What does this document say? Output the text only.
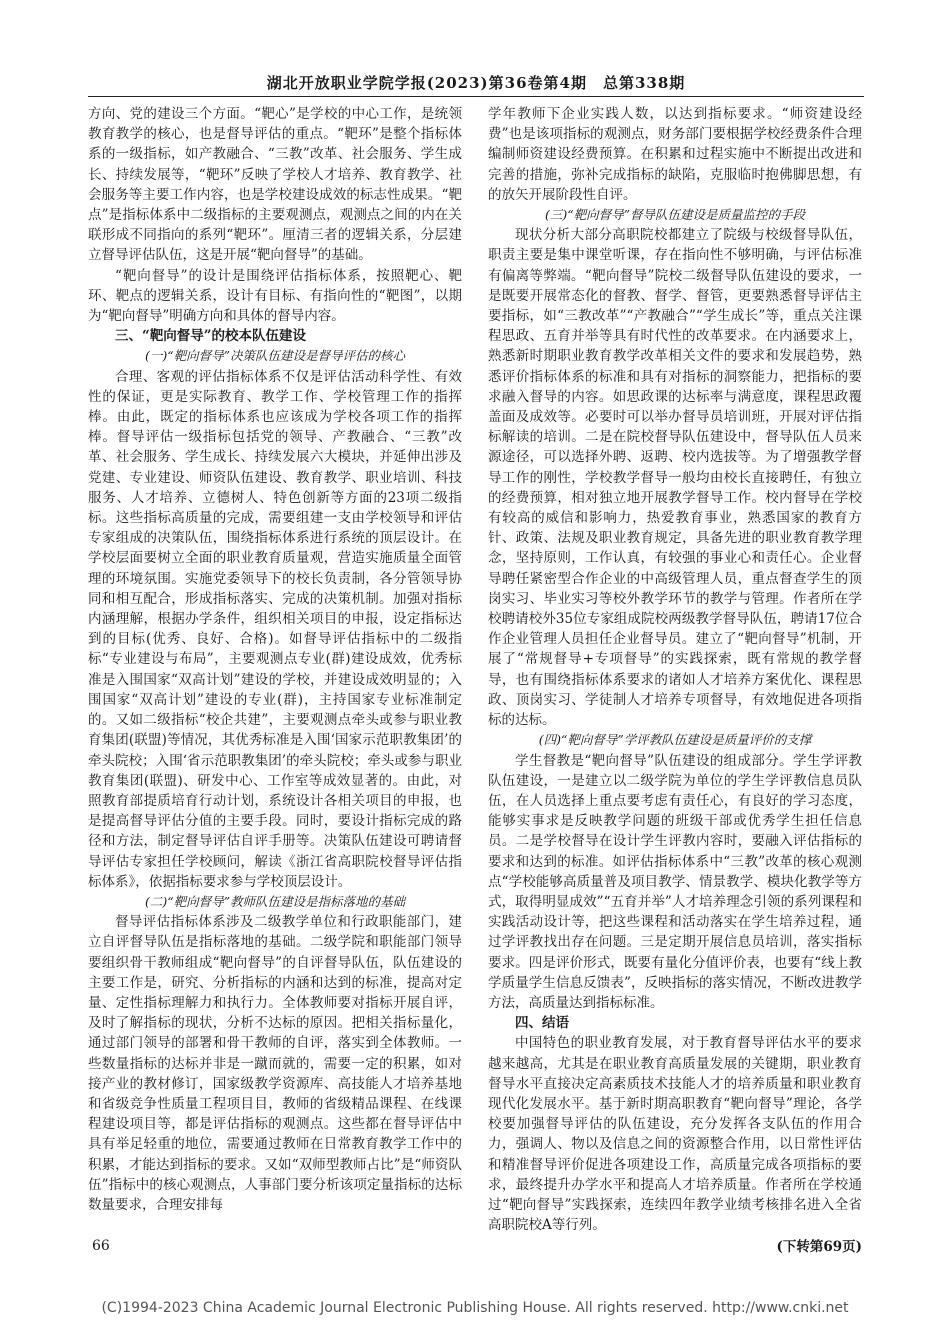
湖北开放职业学院学报(2023)第36卷第4期　总第338期

方向、党的建设三个方面。“靶心”是学校的中心工作，是统领教育教学的核心，也是督导评估的重点。“靶环”是整个指标体系的一级指标，如产教融合、“三教”改革、社会服务、学生成长、持续发展等，“靶环”反映了学校人才培养、教育教学、社会服务等主要工作内容，也是学校建设成效的标志性成果。“靶点”是指标体系中二级指标的主要观测点，观测点之间的内在关联形成不同指向的系列“靶环”。厘清三者的逻辑关系，分层建立督导评估队伍，这是开展“靶向督导”的基础。

“靶向督导”的设计是围绕评估指标体系，按照靶心、靶环、靶点的逻辑关系，设计有目标、有指向性的“靶图”，以期为“靶向督导”明确方向和具体的督导内容。

三、“靶向督导”的校本队伍建设
(一)“靶向督导”决策队伍建设是督导评估的核心

合理、客观的评估指标体系不仅是评估活动科学性、有效性的保证，更是实际教育、教学工作、学校管理工作的指挥棒。由此，既定的指标体系也应该成为学校各项工作的指挥棒。督导评估一级指标包括党的领导、产教融合、“三教”改革、社会服务、学生成长、持续发展六大模块，并延伸出涉及党建、专业建设、师资队伍建设、教育教学、职业培训、科技服务、人才培养、立德树人、特色创新等方面的23项二级指标。这些指标高质量的完成，需要组建一支由学校领导和评估专家组成的决策队伍，围绕指标体系进行系统的顶层设计。在学校层面要树立全面的职业教育质量观，营造实施质量全面管理的环境氛围。实施党委领导下的校长负责制，各分管领导协同和相互配合，形成指标落实、完成的决策机制。加强对指标内涵理解，根据办学条件，组织相关项目的申报，设定指标达到的目标(优秀、良好、合格)。如督导评估指标中的二级指标“专业建设与布局”，主要观测点专业(群)建设成效，优秀标准是入围国家“双高计划”建设的学校，并建设成效明显的；入围国家“双高计划”建设的专业(群)，主持国家专业标准制定的。又如二级指标“校企共建”，主要观测点牵头或参与职业教育集团(联盟)等情况，其优秀标准是入围‘国家示范职教集团’的牵头院校；入围‘省示范职教集团’的牵头院校；牵头或参与职业教育集团(联盟)、研发中心、工作室等成效显著的。由此，对照教育部提质培育行动计划，系统设计各相关项目的申报，也是提高督导评估分值的主要手段。同时，要设计指标完成的路径和方法，制定督导评估自评手册等。决策队伍建设可聘请督导评估专家担任学校顾问，解读《浙江省高职院校督导评估指标体系》，依据指标要求参与学校顶层设计。

(二)“靶向督导”教师队伍建设是指标落地的基础

督导评估指标体系涉及二级教学单位和行政职能部门，建立自评督导队伍是指标落地的基础。二级学院和职能部门领导要组织骨干教师组成“靶向督导”的自评督导队伍，队伍建设的主要工作是，研究、分析指标的内涵和达到的标准，提高对定量、定性指标理解力和执行力。全体教师要对指标开展自评，及时了解指标的现状，分析不达标的原因。把相关指标量化，通过部门领导的部署和骨干教师的自评，落实到全体教师。一些数量指标的达标并非是一蹴而就的，需要一定的积累，如对接产业的教材修订，国家级教学资源库、高技能人才培养基地和省级竞争性质量工程项目目，教师的省级精品课程、在线课程建设项目等，都是评估指标的观测点。这些都在督导评估中具有举足轻重的地位，需要通过教师在日常教育教学工作中的积累，才能达到指标的要求。又如“双师型教师占比”是“师资队伍”指标中的核心观测点，人事部门要分析该项定量指标的达标数量要求，合理安排每

学年教师下企业实践人数，以达到指标要求。“师资建设经费”也是该项指标的观测点，财务部门要根据学校经费条件合理编制师资建设经费预算。在积累和过程实施中不断提出改进和完善的措施，弥补完成指标的缺陷，克服临时抱佛脚思想，有的放矢开展阶段性自评。

(三)“靶向督导”督导队伍建设是质量监控的手段

现状分析大部分高职院校都建立了院级与校级督导队伍，职责主要是集中课堂听课，存在指向性不够明确，与评估标准有偏离等弊端。“靶向督导”院校二级督导队伍建设的要求，一是既要开展常态化的督教、督学、督管，更要熟悉督导评估主要指标，如“三教改革”“产教融合”“学生成长”等，重点关注课程思政、五育并举等具有时代性的改革要求。在内涵要求上，熟悉新时期职业教育教学改革相关文件的要求和发展趋势，熟悉评价指标体系的标准和具有对指标的洞察能力，把指标的要求融入督导的内容。如思政课的达标率与满意度，课程思政覆盖面及成效等。必要时可以举办督导员培训班，开展对评估指标解读的培训。二是在院校督导队伍建设中，督导队伍人员来源途径，可以选择外聘、返聘、校内选拔等。为了增强教学督导工作的刚性，学校教学督导一般均由校长直接聘任，有独立的经费预算，相对独立地开展教学督导工作。校内督导在学校有较高的威信和影响力，热爱教育事业，熟悉国家的教育方针、政策、法规及职业教育规定，具备先进的职业教育教学理念，坚持原则，工作认真，有较强的事业心和责任心。企业督导聘任紧密型合作企业的中高级管理人员，重点督查学生的顶岗实习、毕业实习等校外教学环节的教学与管理。作者所在学校聘请校外35位专家组成院校两级教学督导队伍，聘请17位合作企业管理人员担任企业督导员。建立了“靶向督导”机制，开展了“常规督导+专项督导”的实践探索，既有常规的教学督导，也有围绕指标体系要求的诸如人才培养方案优化、课程思政、顶岗实习、学徒制人才培养专项督导，有效地促进各项指标的达标。

(四)“靶向督导”学评教队伍建设是质量评价的支撑

学生督教是“靶向督导”队伍建设的组成部分。学生学评教队伍建设，一是建立以二级学院为单位的学生学评教信息员队伍，在人员选择上重点要考虑有责任心，有良好的学习态度，能够实事求是反映教学问题的班级干部或优秀学生担任信息员。二是学校督导在设计学生评教内容时，要融入评估指标的要求和达到的标准。如评估指标体系中“三教”改革的核心观测点“学校能够高质量普及项目教学、情景教学、模块化教学等方式，取得明显成效”“五育并举”人才培养理念引领的系列课程和实践活动设计等，把这些课程和活动落实在学生培养过程，通过学评教找出存在问题。三是定期开展信息员培训，落实指标要求。四是评价形式，既要有量化分值评价表，也要有“线上教学质量学生信息反馈表”，反映指标的落实情况，不断改进教学方法，高质量达到指标标准。

四、结语

中国特色的职业教育发展，对于教育督导评估水平的要求越来越高，尤其是在职业教育高质量发展的关键期，职业教育督导水平直接决定高素质技术技能人才的培养质量和职业教育现代化发展水平。基于新时期高职教育“靶向督导”理论，各学校要加强督导评估的队伍建设，充分发挥各支队伍的作用合力，强调人、物以及信息之间的资源整合作用，以日常性评估和精准督导评价促进各项建设工作，高质量完成各项指标的要求，最终提升办学水平和提高人才培养质量。作者所在学校通过“靶向督导”实践探索，连续四年教学业绩考核排名进入全省高职院校A等行列。

(下转第69页)

66
(C)1994-2023 China Academic Journal Electronic Publishing House. All rights reserved. http://www.cnki.net
